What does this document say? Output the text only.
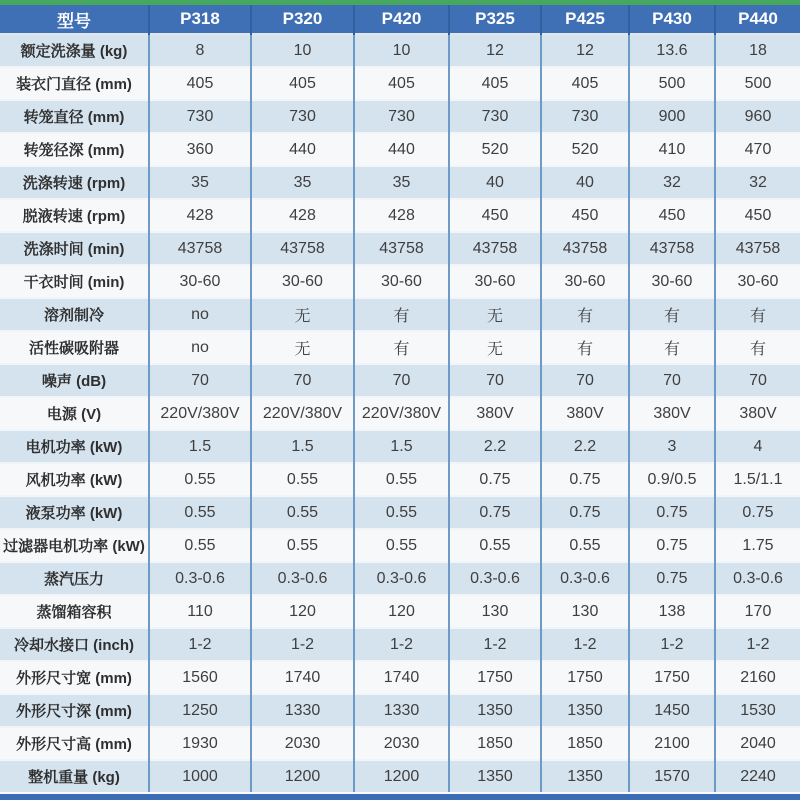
型号	P318	P320	P420	P325	P425	P430	P440
额定洗涤量 (kg)	8	10	10	12	12	13.6	18
装衣门直径 (mm)	405	405	405	405	405	500	500
转笼直径 (mm)	730	730	730	730	730	900	960
转笼径深 (mm)	360	440	440	520	520	410	470
洗涤转速 (rpm)	35	35	35	40	40	32	32
脱液转速 (rpm)	428	428	428	450	450	450	450
洗涤时间 (min)	43758	43758	43758	43758	43758	43758	43758
干衣时间 (min)	30-60	30-60	30-60	30-60	30-60	30-60	30-60
溶剂制冷	no	无	有	无	有	有	有
活性碳吸附器	no	无	有	无	有	有	有
噪声 (dB)	70	70	70	70	70	70	70
电源 (V)	220V/380V	220V/380V	220V/380V	380V	380V	380V	380V
电机功率 (kW)	1.5	1.5	1.5	2.2	2.2	3	4
风机功率 (kW)	0.55	0.55	0.55	0.75	0.75	0.9/0.5	1.5/1.1
液泵功率 (kW)	0.55	0.55	0.55	0.75	0.75	0.75	0.75
过滤器电机功率 (kW)	0.55	0.55	0.55	0.55	0.55	0.75	1.75
蒸汽压力	0.3-0.6	0.3-0.6	0.3-0.6	0.3-0.6	0.3-0.6	0.75	0.3-0.6
蒸馏箱容积	110	120	120	130	130	138	170
冷却水接口 (inch)	1-2	1-2	1-2	1-2	1-2	1-2	1-2
外形尺寸宽 (mm)	1560	1740	1740	1750	1750	1750	2160
外形尺寸深 (mm)	1250	1330	1330	1350	1350	1450	1530
外形尺寸高 (mm)	1930	2030	2030	1850	1850	2100	2040
整机重量 (kg)	1000	1200	1200	1350	1350	1570	2240
